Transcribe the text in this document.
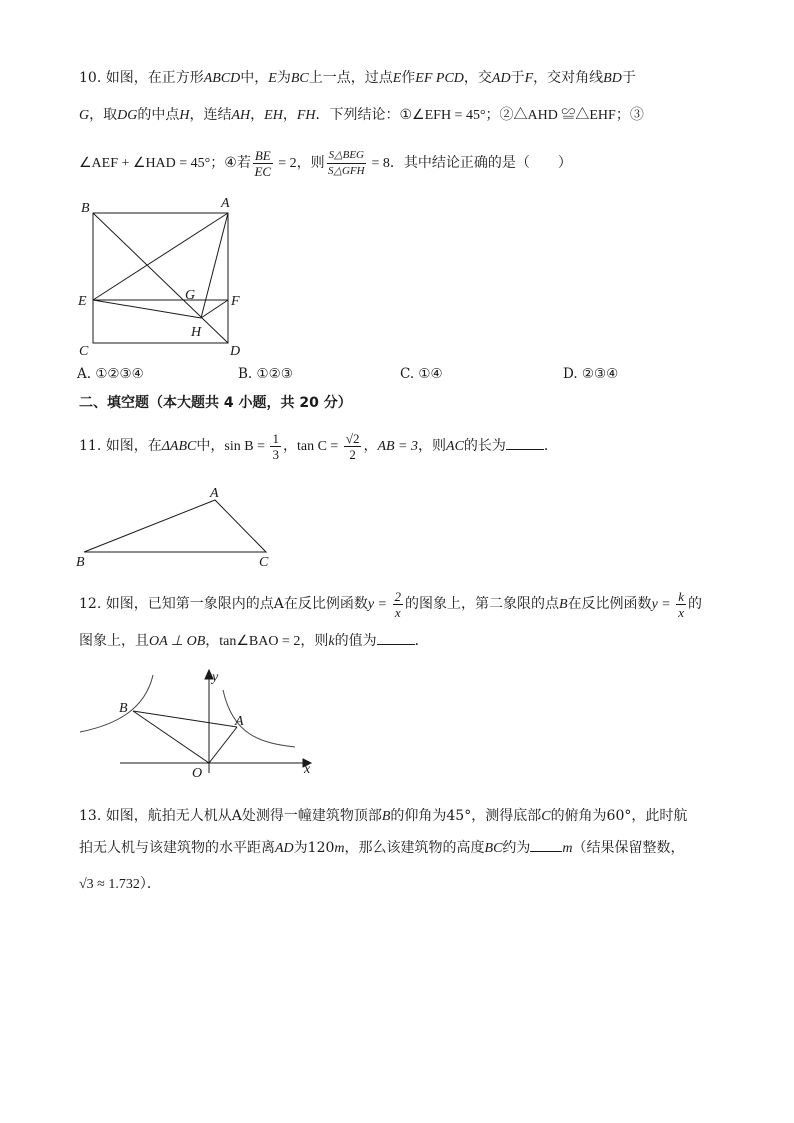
10. 如图，在正方形ABCD中，E为BC上一点，过点E作EF PCD，交AD于F，交对角线BD于
G，取DG的中点H，连结AH，EH，FH．下列结论：①∠EFH = 45°；②△AHD ≌△EHF；③
∠AEF + ∠HAD = 45°；④若 $\frac{BE}{EC} = 2$，则 $\frac{\text{S△BEG}}{\text{S△GFH}} = 8$．其中结论正确的是（　　）
B	A
E	G	F
H
C	D
A. ①②③④	B. ①②③	C. ①④	D. ②③④
二、填空题（本大题共 4 小题，共 20 分）
11. 如图，在ΔABC中，$\sin B = \frac{1}{3}$ ，$\tan C = \frac{√2}{2}$ ，AB = 3，则AC的长为	．
A
B	C
12. 如图，已知第一象限内的点A在反比例函数$y = \frac{2}{x}$ 的图象上，第二象限的点B在反比例函数$y = \frac{k}{x}$ 的
图象上，且OA ⊥ OB，tan∠BAO = 2，则k的值为	．
y
B
A
O	x
13. 如图，航拍无人机从A处测得一幢建筑物顶部B的仰角为45°，测得底部C的俯角为60°，此时航
拍无人机与该建筑物的水平距离AD为120m，那么该建筑物的高度BC约为 m（结果保留整数，
√3 ≈ 1.732）．
